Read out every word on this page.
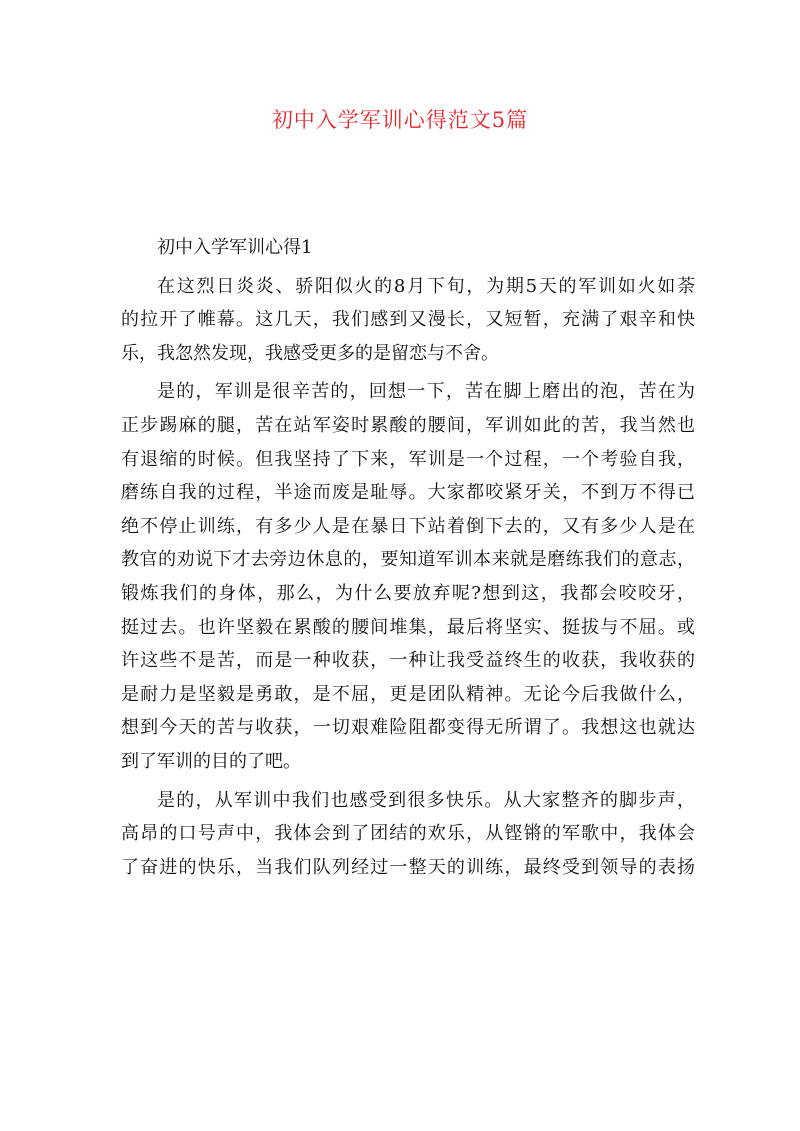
初中入学军训心得范文5篇
初中入学军训心得1
在这烈日炎炎、骄阳似火的8月下旬，为期5天的军训如火如荼
的拉开了帷幕。这几天，我们感到又漫长，又短暂，充满了艰辛和快
乐，我忽然发现，我感受更多的是留恋与不舍。
是的，军训是很辛苦的，回想一下，苦在脚上磨出的泡，苦在为
正步踢麻的腿，苦在站军姿时累酸的腰间，军训如此的苦，我当然也
有退缩的时候。但我坚持了下来，军训是一个过程，一个考验自我，
磨练自我的过程，半途而废是耻辱。大家都咬紧牙关，不到万不得已
绝不停止训练，有多少人是在暴日下站着倒下去的，又有多少人是在
教官的劝说下才去旁边休息的，要知道军训本来就是磨练我们的意志，
锻炼我们的身体，那么，为什么要放弃呢?想到这，我都会咬咬牙，
挺过去。也许坚毅在累酸的腰间堆集，最后将坚实、挺拔与不屈。或
许这些不是苦，而是一种收获，一种让我受益终生的收获，我收获的
是耐力是坚毅是勇敢，是不屈，更是团队精神。无论今后我做什么，
想到今天的苦与收获，一切艰难险阻都变得无所谓了。我想这也就达
到了军训的目的了吧。
是的，从军训中我们也感受到很多快乐。从大家整齐的脚步声，
高昂的口号声中，我体会到了团结的欢乐，从铿锵的军歌中，我体会
了奋进的快乐，当我们队列经过一整天的训练，最终受到领导的表扬
